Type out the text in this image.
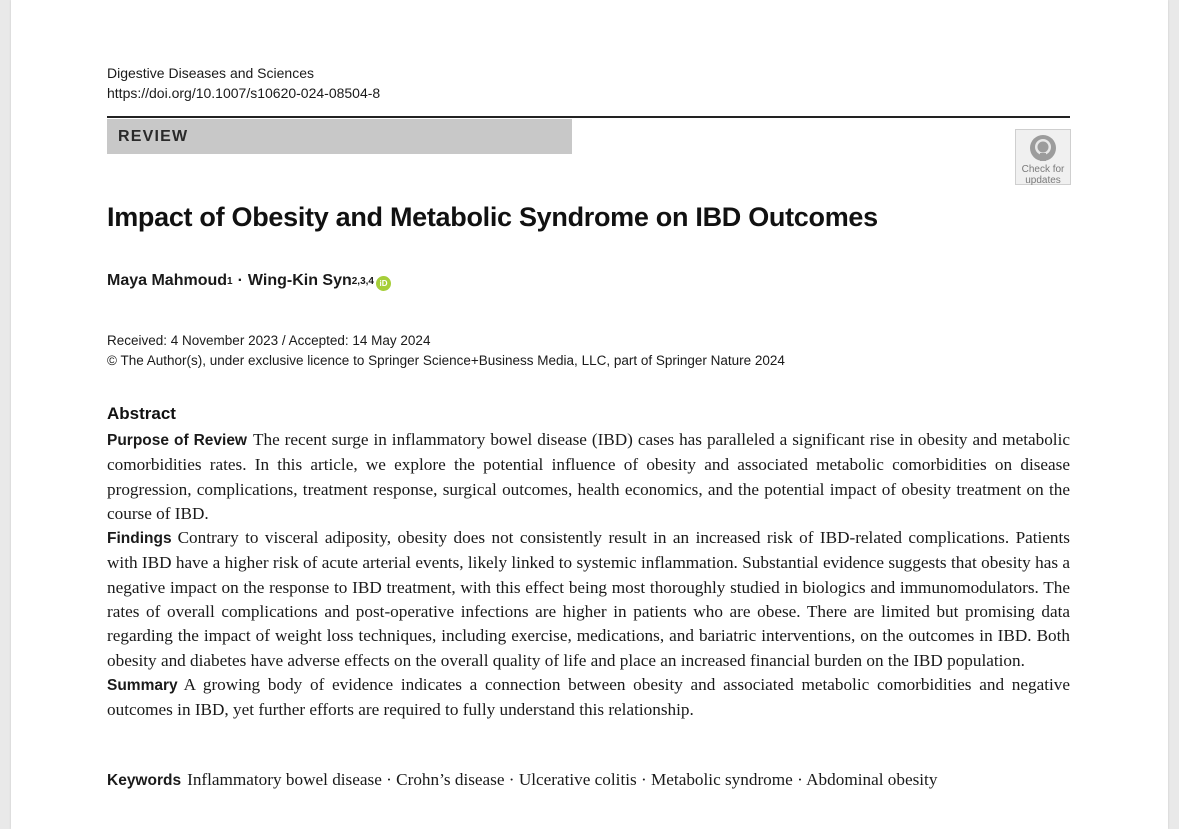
Digestive Diseases and Sciences
https://doi.org/10.1007/s10620-024-08504-8
REVIEW
Check for
updates
Impact of Obesity and Metabolic Syndrome on IBD Outcomes
Maya Mahmoud$^1$ · Wing-Kin Syn$^{2,3,4}$ iD
Received: 4 November 2023 / Accepted: 14 May 2024
© The Author(s), under exclusive licence to Springer Science+Business Media, LLC, part of Springer Nature 2024
Abstract

Purpose of Review The recent surge in inflammatory bowel disease (IBD) cases has paralleled a significant rise in obesity and metabolic comorbidities rates. In this article, we explore the potential influence of obesity and associated metabolic comorbidities on disease progression, complications, treatment response, surgical outcomes, health economics, and the potential impact of obesity treatment on the course of IBD.

Findings Contrary to visceral adiposity, obesity does not consistently result in an increased risk of IBD-related complications. Patients with IBD have a higher risk of acute arterial events, likely linked to systemic inflammation. Substantial evidence suggests that obesity has a negative impact on the response to IBD treatment, with this effect being most thoroughly studied in biologics and immunomodulators. The rates of overall complications and post-operative infections are higher in patients who are obese. There are limited but promising data regarding the impact of weight loss techniques, including exercise, medications, and bariatric interventions, on the outcomes in IBD. Both obesity and diabetes have adverse effects on the overall quality of life and place an increased financial burden on the IBD population.

Summary A growing body of evidence indicates a connection between obesity and associated metabolic comorbidities and negative outcomes in IBD, yet further efforts are required to fully understand this relationship.

Keywords Inflammatory bowel disease · Crohn’s disease · Ulcerative colitis · Metabolic syndrome · Abdominal obesity
